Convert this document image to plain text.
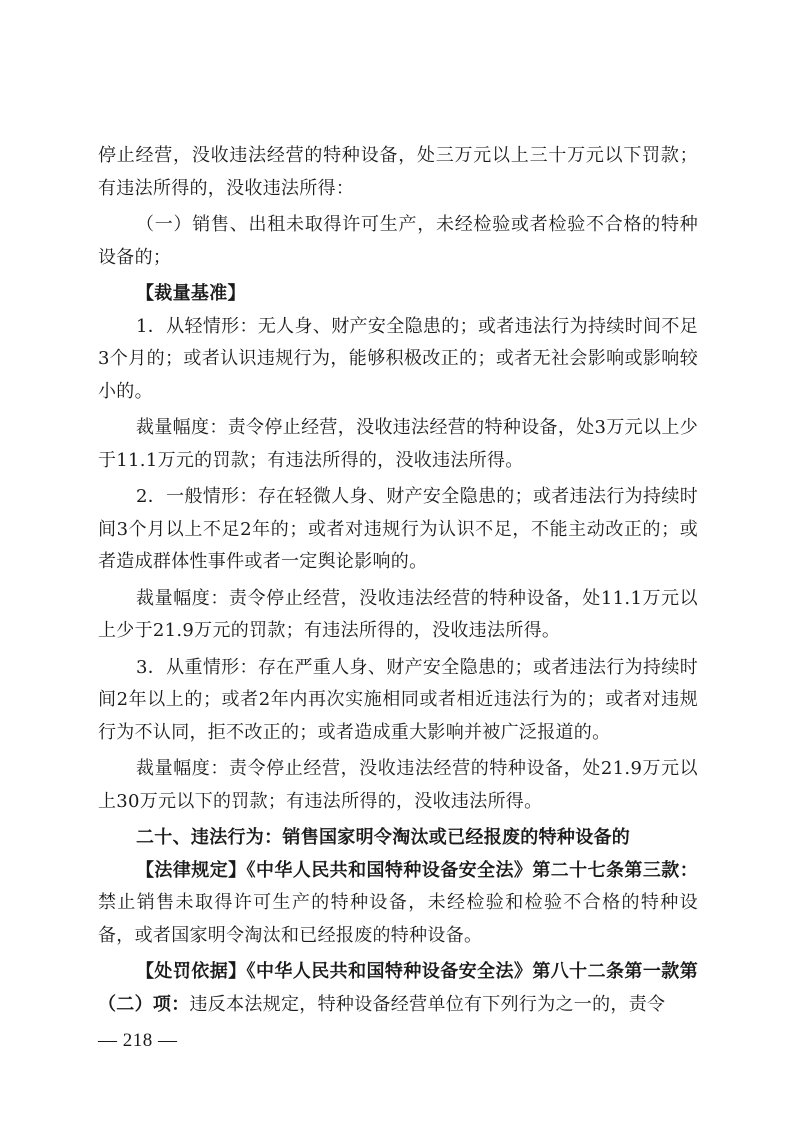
停止经营，没收违法经营的特种设备，处三万元以上三十万元以下罚款；有违法所得的，没收违法所得：

（一）销售、出租未取得许可生产，未经检验或者检验不合格的特种设备的；

【裁量基准】

1．从轻情形：无人身、财产安全隐患的；或者违法行为持续时间不足3个月的；或者认识违规行为，能够积极改正的；或者无社会影响或影响较小的。

裁量幅度：责令停止经营，没收违法经营的特种设备，处3万元以上少于11.1万元的罚款；有违法所得的，没收违法所得。

2．一般情形：存在轻微人身、财产安全隐患的；或者违法行为持续时间3个月以上不足2年的；或者对违规行为认识不足，不能主动改正的；或者造成群体性事件或者一定舆论影响的。

裁量幅度：责令停止经营，没收违法经营的特种设备，处11.1万元以上少于21.9万元的罚款；有违法所得的，没收违法所得。

3．从重情形：存在严重人身、财产安全隐患的；或者违法行为持续时间2年以上的；或者2年内再次实施相同或者相近违法行为的；或者对违规行为不认同，拒不改正的；或者造成重大影响并被广泛报道的。

裁量幅度：责令停止经营，没收违法经营的特种设备，处21.9万元以上30万元以下的罚款；有违法所得的，没收违法所得。

二十、违法行为：销售国家明令淘汰或已经报废的特种设备的

【法律规定】《中华人民共和国特种设备安全法》第二十七条第三款：禁止销售未取得许可生产的特种设备，未经检验和检验不合格的特种设备，或者国家明令淘汰和已经报废的特种设备。

【处罚依据】《中华人民共和国特种设备安全法》第八十二条第一款第（二）项：违反本法规定，特种设备经营单位有下列行为之一的，责令

— 218 —
